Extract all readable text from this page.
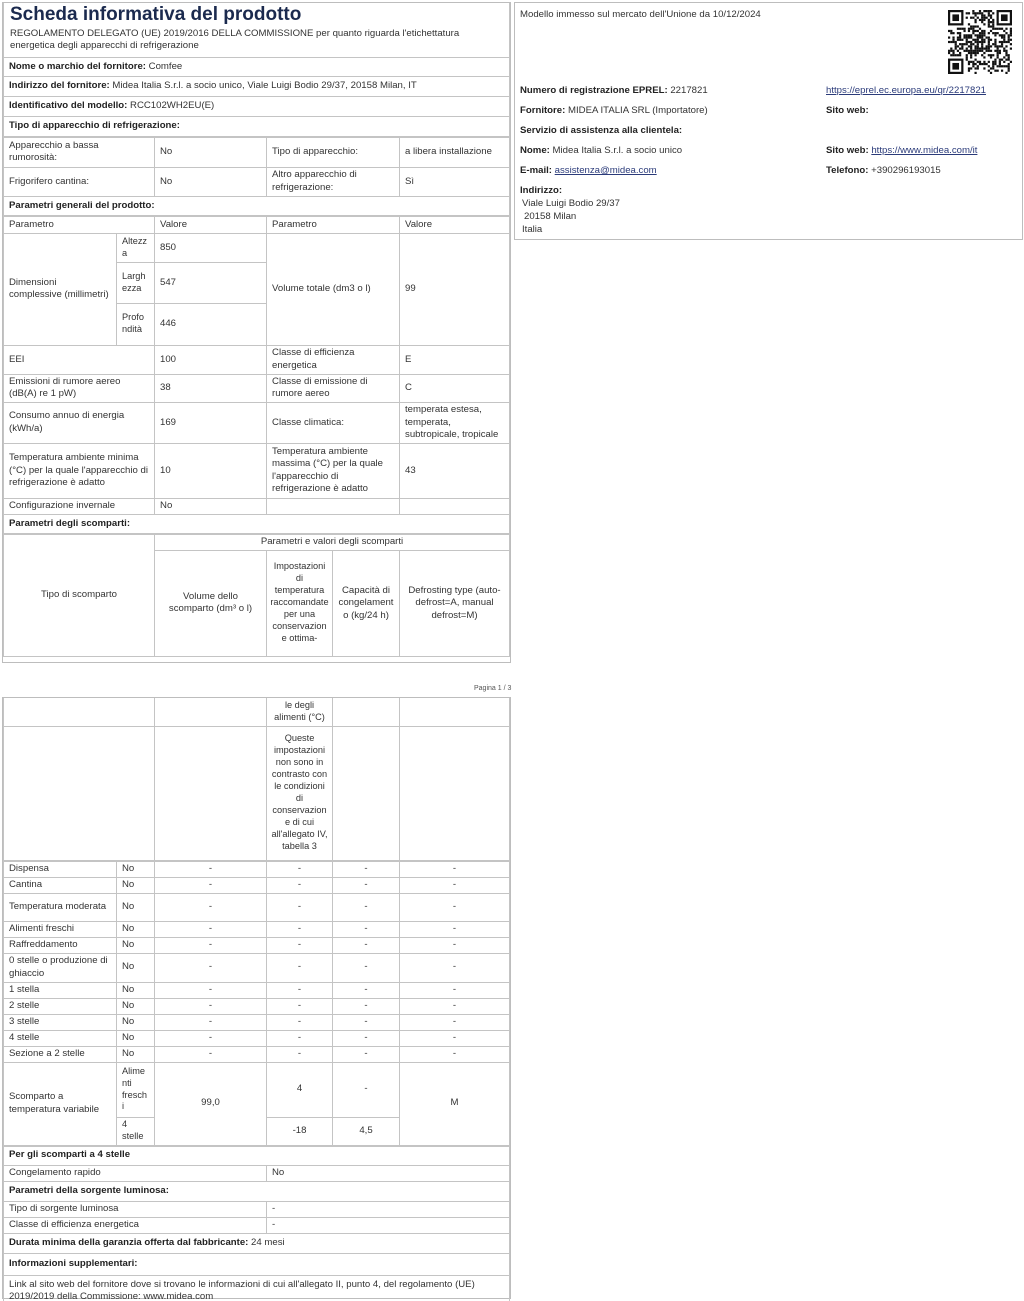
Scheda informativa del prodotto
REGOLAMENTO DELEGATO (UE) 2019/2016 DELLA COMMISSIONE per quanto riguarda l'etichettatura energetica degli apparecchi di refrigerazione

Nome o marchio del fornitore: Comfee
Indirizzo del fornitore: Midea Italia S.r.l. a socio unico, Viale Luigi Bodio 29/37, 20158 Milan, IT
Identificativo del modello: RCC102WH2EU(E)
Tipo di apparecchio di refrigerazione:
Apparecchio a bassa rumorosità:	No	Tipo di apparecchio:	a libera installazione
Frigorifero cantina:	No	Altro apparecchio di refrigerazione:	Sì
Parametri generali del prodotto:			
Parametro		Valore	Parametro	Valore
Dimensioni complessive (millimetri)	Altezza	850	Volume totale (dm3 o l)	99
	Larghezza	547		
	Profondità	446		
EEI		100	Classe di efficienza energetica	E
Emissioni di rumore aereo (dB(A) re 1 pW)		38	Classe di emissione di rumore aereo	C
Consumo annuo di energia (kWh/a)		169	Classe climatica:	temperata estesa, temperata, subtropicale, tropicale
Temperatura ambiente minima (°C) per la quale l'apparecchio di refrigerazione è adatto		10	Temperatura ambiente massima (°C) per la quale l'apparecchio di refrigerazione è adatto	43
Configurazione invernale		No		
Parametri degli scomparti:				
Tipo di scomparto	Parametri e valori degli scomparti			
	Volume dello scomparto (dm³ o l)	Impostazioni di temperatura raccomandate per una conservazione ottima-	Capacità di congelamento (kg/24 h)	Defrosting type (auto-defrost=A, manual defrost=M)
Pagina 1 / 3
		le degli alimenti (°C)		
		Queste impostazioni non sono in contrasto con le condizioni di conservazione di cui all'allegato IV, tabella 3		
Dispensa	No	-	-	-	-
Cantina	No	-	-	-	-
Temperatura moderata	No	-	-	-	-
Alimenti freschi	No	-	-	-	-
Raffreddamento	No	-	-	-	-
0 stelle o produzione di ghiaccio	No	-	-	-	-
1 stella	No	-	-	-	-
2 stelle	No	-	-	-	-
3 stelle	No	-	-	-	-
4 stelle	No	-	-	-	-
Sezione a 2 stelle	No	-	-	-	-
Scomparto a temperatura variabile	Alimenti freschi	99,0	4	-	M
	4 stelle		-18	4,5	
Per gli scomparti a 4 stelle	
Congelamento rapido	No
Parametri della sorgente luminosa:	
Tipo di sorgente luminosa	-
Classe di efficienza energetica	-
Durata minima della garanzia offerta dal fabbricante: 24 mesi	
Informazioni supplementari:	
Link al sito web del fornitore dove si trovano le informazioni di cui all'allegato II, punto 4, del regolamento (UE) 2019/2019 della Commissione: www.midea.com	
Modello immesso sul mercato dell'Unione da 10/12/2024
Numero di registrazione EPREL: 2217821	https://eprel.ec.europa.eu/qr/2217821
Fornitore: MIDEA ITALIA SRL (Importatore)	Sito web:
Servizio di assistenza alla clientela:
Nome: Midea Italia S.r.l. a socio unico	Sito web: https://www.midea.com/it
E-mail: assistenza@midea.com	Telefono: +390296193015
Indirizzo:
Viale Luigi Bodio 29/37
20158 Milan
Italia
